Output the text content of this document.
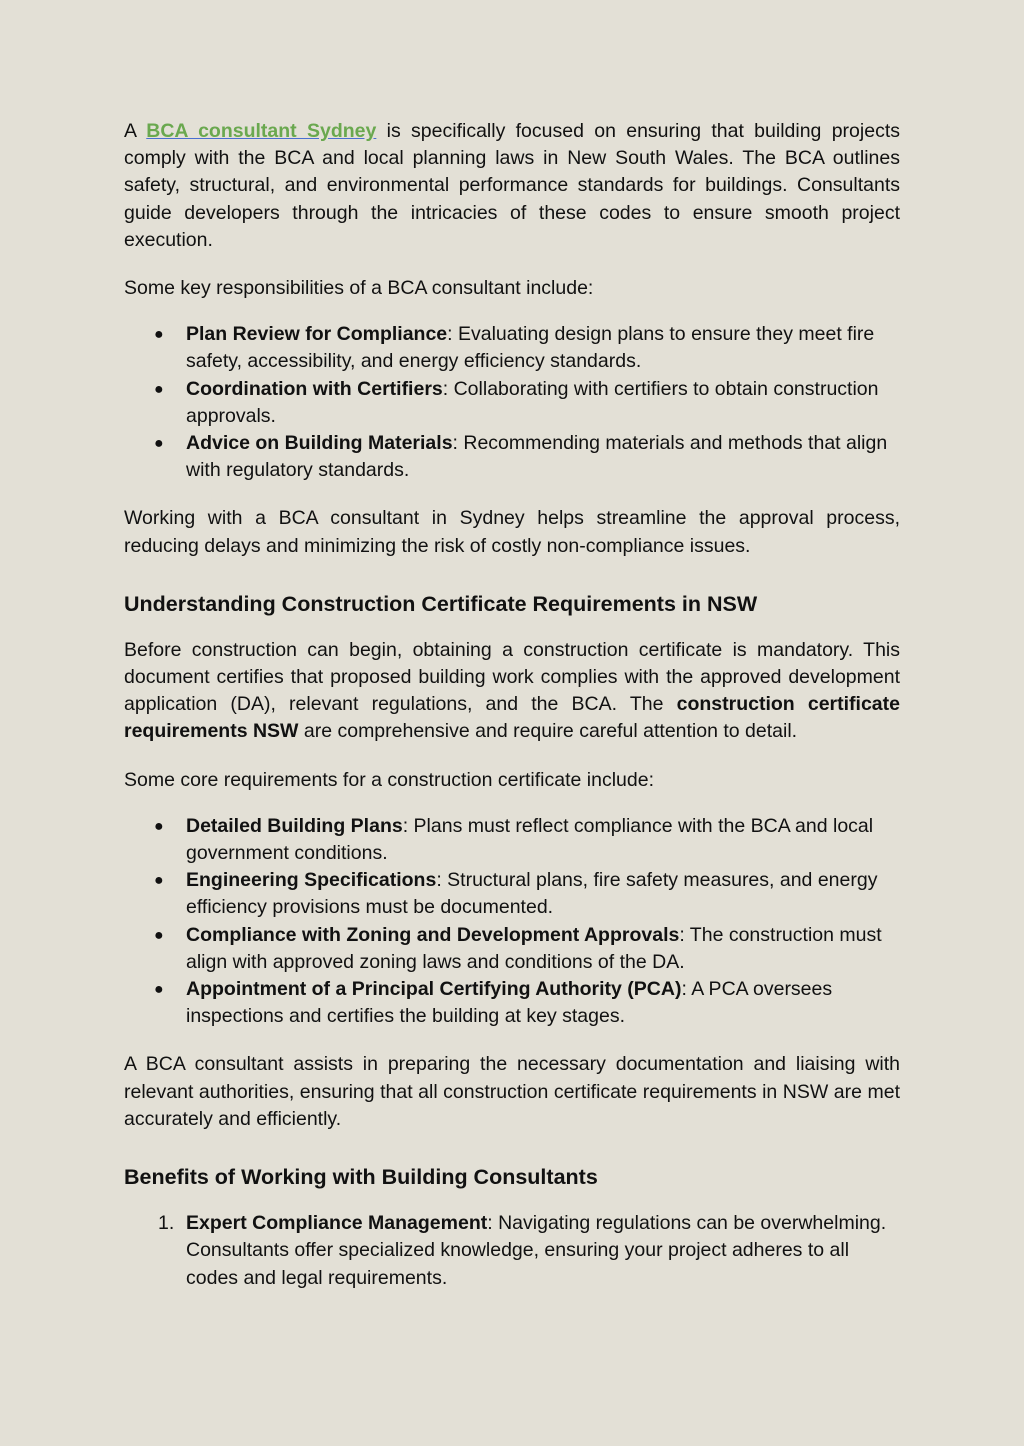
A BCA consultant Sydney is specifically focused on ensuring that building projects comply with the BCA and local planning laws in New South Wales. The BCA outlines safety, structural, and environmental performance standards for buildings. Consultants guide developers through the intricacies of these codes to ensure smooth project execution.

Some key responsibilities of a BCA consultant include:

● Plan Review for Compliance: Evaluating design plans to ensure they meet fire safety, accessibility, and energy efficiency standards.
● Coordination with Certifiers: Collaborating with certifiers to obtain construction approvals.
● Advice on Building Materials: Recommending materials and methods that align with regulatory standards.

Working with a BCA consultant in Sydney helps streamline the approval process, reducing delays and minimizing the risk of costly non-compliance issues.

Understanding Construction Certificate Requirements in NSW

Before construction can begin, obtaining a construction certificate is mandatory. This document certifies that proposed building work complies with the approved development application (DA), relevant regulations, and the BCA. The construction certificate requirements NSW are comprehensive and require careful attention to detail.

Some core requirements for a construction certificate include:

● Detailed Building Plans: Plans must reflect compliance with the BCA and local government conditions.
● Engineering Specifications: Structural plans, fire safety measures, and energy efficiency provisions must be documented.
● Compliance with Zoning and Development Approvals: The construction must align with approved zoning laws and conditions of the DA.
● Appointment of a Principal Certifying Authority (PCA): A PCA oversees inspections and certifies the building at key stages.

A BCA consultant assists in preparing the necessary documentation and liaising with relevant authorities, ensuring that all construction certificate requirements in NSW are met accurately and efficiently.

Benefits of Working with Building Consultants
1. Expert Compliance Management: Navigating regulations can be overwhelming. Consultants offer specialized knowledge, ensuring your project adheres to all codes and legal requirements.
